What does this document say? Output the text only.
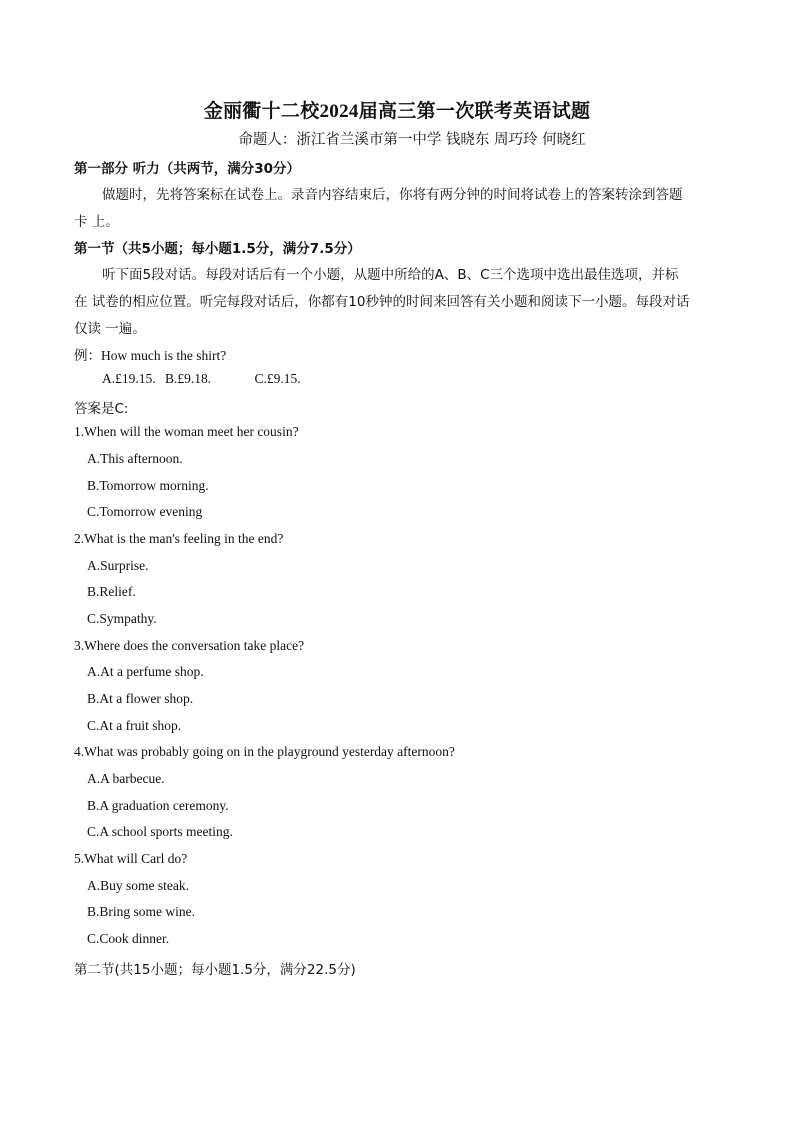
金丽衢十二校2024届高三第一次联考英语试题
命题人：浙江省兰溪市第一中学 钱晓东 周巧玲 何晓红
第一部分 听力（共两节，满分30分）
做题时，先将答案标在试卷上。录音内容结束后，你将有两分钟的时间将试卷上的答案转涂到答题
卡 上。
第一节（共5小题；每小题1.5分，满分7.5分）
听下面5段对话。每段对话后有一个小题，从题中所给的A、B、C三个选项中选出最佳选项，并标
在 试卷的相应位置。听完每段对话后，你都有10秒钟的时间来回答有关小题和阅读下一小题。每段对话
仅读 一遍。
例：How much is the shirt?
A.£19.15. B.£9.18.	C.£9.15.
答案是C:
1.When will the woman meet her cousin?
A.This afternoon.
B.Tomorrow morning.
C.Tomorrow evening
2.What is the man's feeling in the end?
A.Surprise.
B.Relief.
C.Sympathy.
3.Where does the conversation take place?
A.At a perfume shop.
B.At a flower shop.
C.At a fruit shop.
4.What was probably going on in the playground yesterday afternoon?
A.A barbecue.
B.A graduation ceremony.
C.A school sports meeting.
5.What will Carl do?
A.Buy some steak.
B.Bring some wine.
C.Cook dinner.
第二节(共15小题；每小题1.5分，满分22.5分)
